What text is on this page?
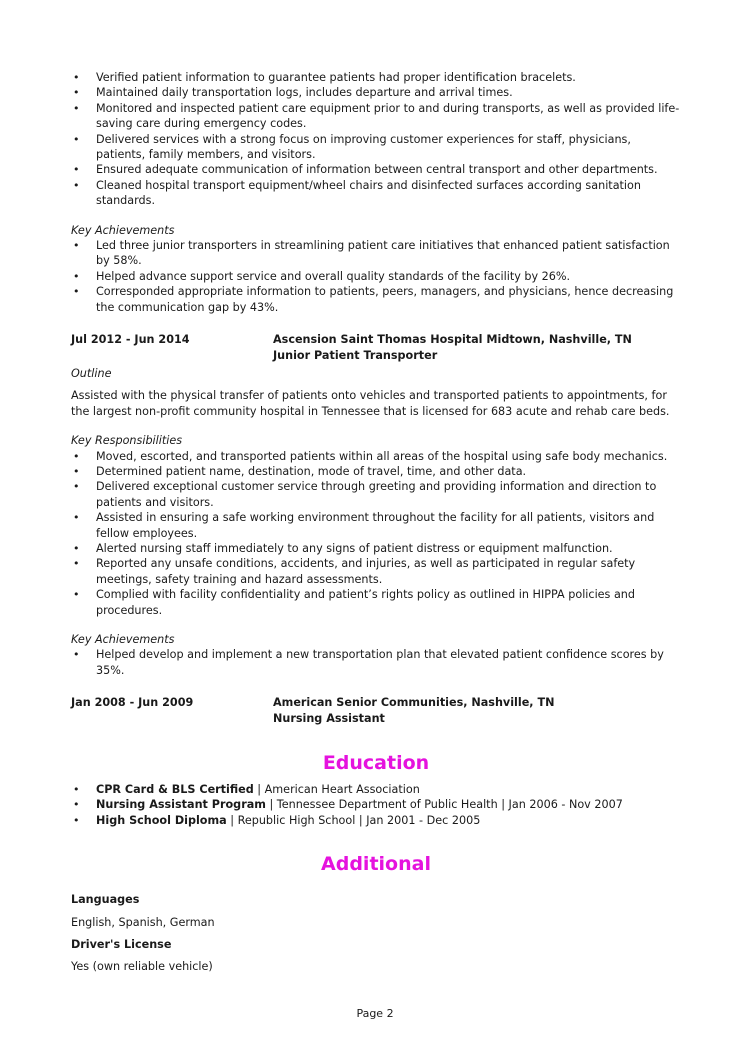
• Verified patient information to guarantee patients had proper identification bracelets.
• Maintained daily transportation logs, includes departure and arrival times.
• Monitored and inspected patient care equipment prior to and during transports, as well as provided life-saving care during emergency codes.
• Delivered services with a strong focus on improving customer experiences for staff, physicians, patients, family members, and visitors.
• Ensured adequate communication of information between central transport and other departments.
• Cleaned hospital transport equipment/wheel chairs and disinfected surfaces according sanitation standards.
Key Achievements
• Led three junior transporters in streamlining patient care initiatives that enhanced patient satisfaction by 58%.
• Helped advance support service and overall quality standards of the facility by 26%.
• Corresponded appropriate information to patients, peers, managers, and physicians, hence decreasing the communication gap by 43%.
Jul 2012 - Jun 2014	Ascension Saint Thomas Hospital Midtown, Nashville, TN
Junior Patient Transporter
Outline
Assisted with the physical transfer of patients onto vehicles and transported patients to appointments, for the largest non-profit community hospital in Tennessee that is licensed for 683 acute and rehab care beds.
Key Responsibilities
• Moved, escorted, and transported patients within all areas of the hospital using safe body mechanics.
• Determined patient name, destination, mode of travel, time, and other data.
• Delivered exceptional customer service through greeting and providing information and direction to patients and visitors.
• Assisted in ensuring a safe working environment throughout the facility for all patients, visitors and fellow employees.
• Alerted nursing staff immediately to any signs of patient distress or equipment malfunction.
• Reported any unsafe conditions, accidents, and injuries, as well as participated in regular safety meetings, safety training and hazard assessments.
• Complied with facility confidentiality and patient’s rights policy as outlined in HIPPA policies and procedures.
Key Achievements
• Helped develop and implement a new transportation plan that elevated patient confidence scores by 35%.
Jan 2008 - Jun 2009	American Senior Communities, Nashville, TN
Nursing Assistant
Education
• CPR Card & BLS Certified | American Heart Association
• Nursing Assistant Program | Tennessee Department of Public Health | Jan 2006 - Nov 2007
• High School Diploma | Republic High School | Jan 2001 - Dec 2005
Additional
Languages
English, Spanish, German
Driver's License
Yes (own reliable vehicle)
Page 2
